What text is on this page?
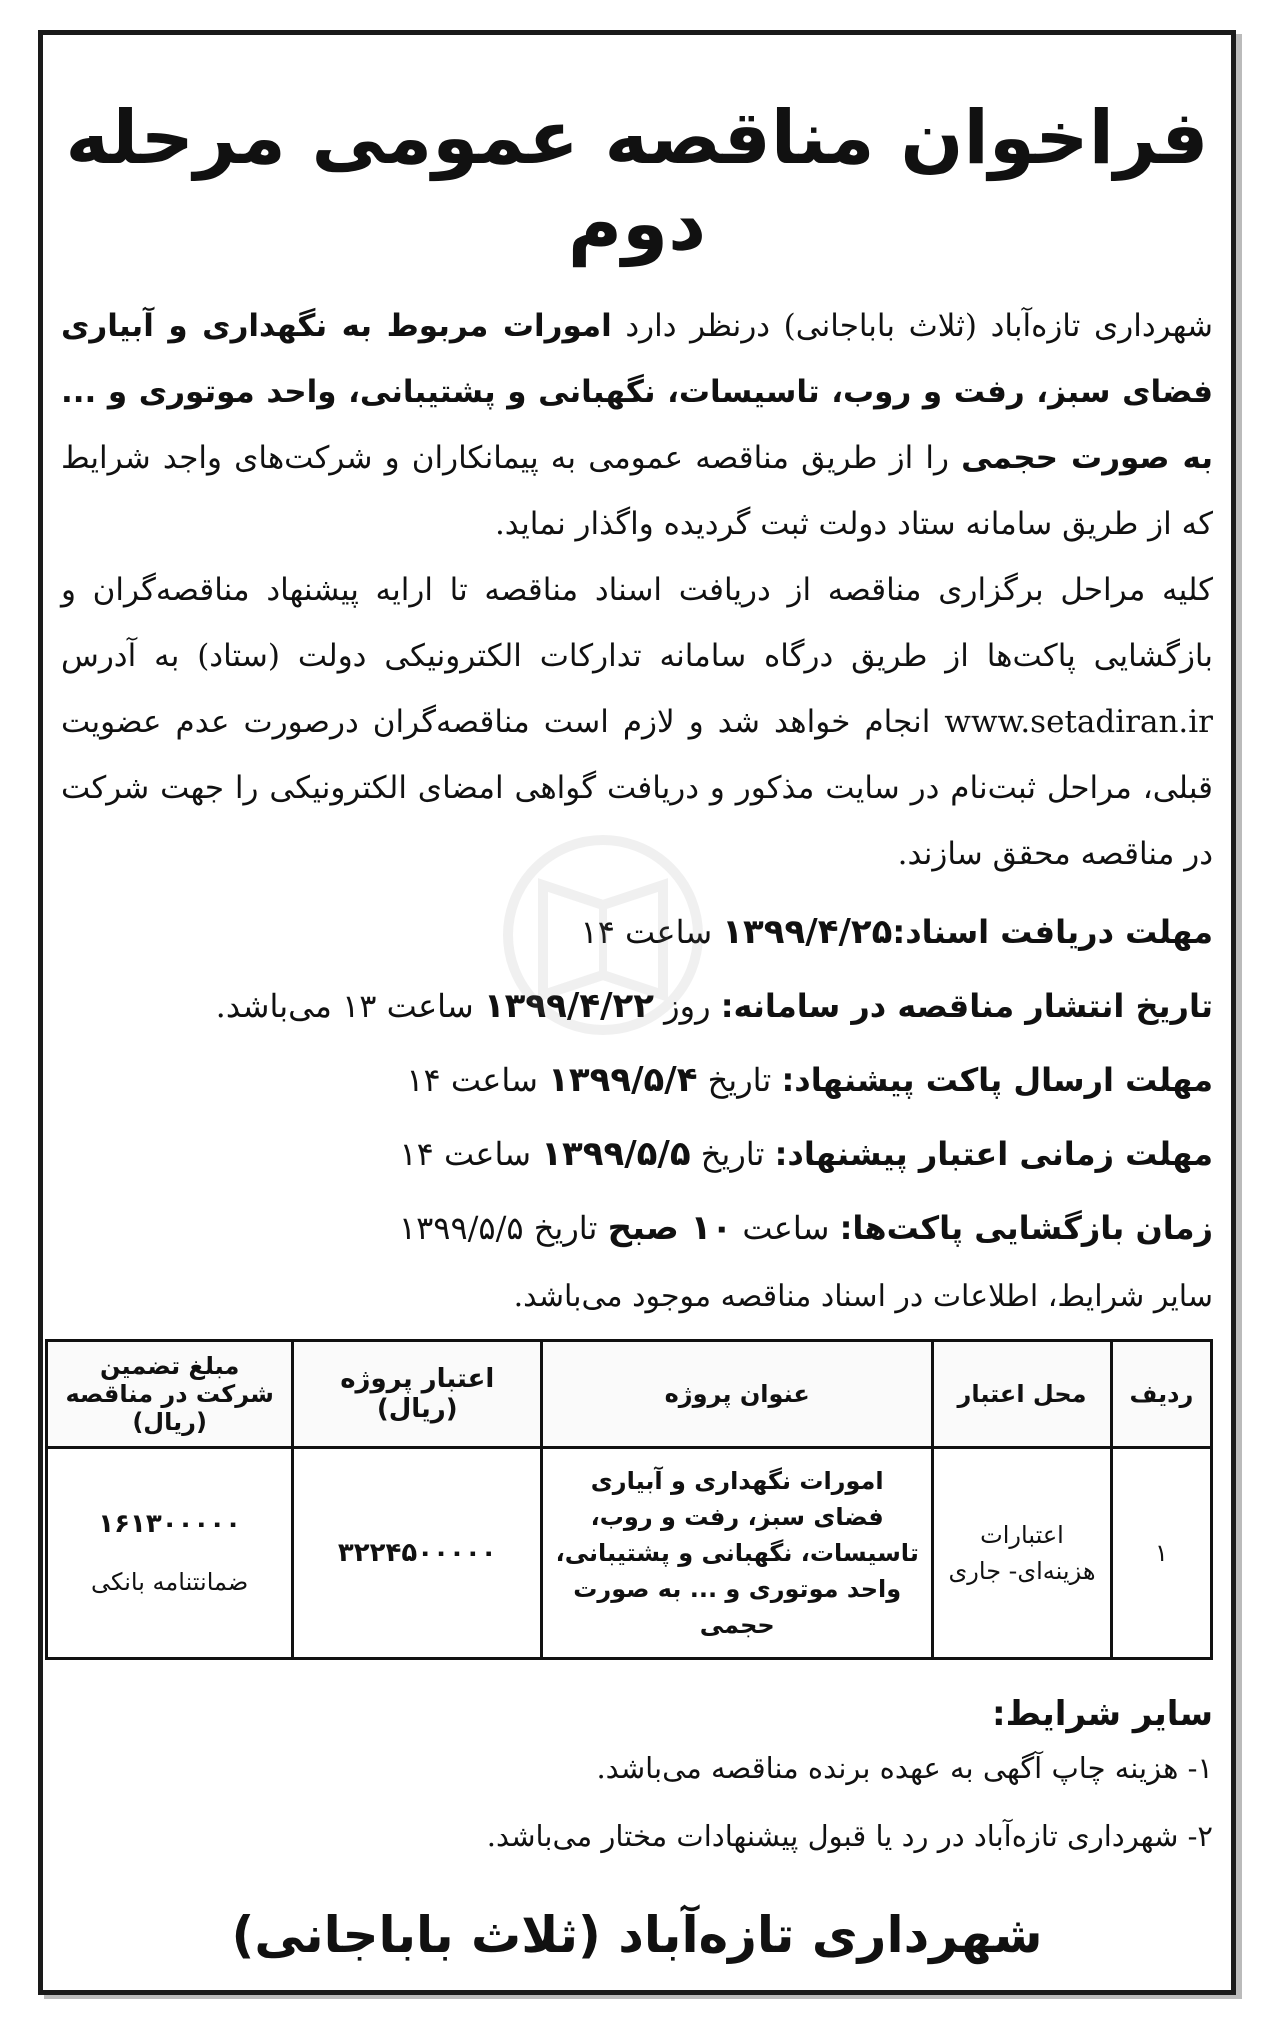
فراخوان مناقصه عمومی مرحله دوم

شهرداری تازه‌آباد (ثلاث باباجانی) درنظر دارد امورات مربوط به نگهداری و آبیاری فضای سبز، رفت و روب، تاسیسات، نگهبانی و پشتیبانی، واحد موتوری و ... به صورت حجمی را از طریق مناقصه عمومی به پیمانکاران و شرکت‌های واجد شرایط که از طریق سامانه ستاد دولت ثبت گردیده واگذار نماید.

کلیه مراحل برگزاری مناقصه از دریافت اسناد مناقصه تا ارایه پیشنهاد مناقصه‌گران و بازگشایی پاکت‌ها از طریق درگاه سامانه تدارکات الکترونیکی دولت (ستاد) به آدرس www.setadiran.ir انجام خواهد شد و لازم است مناقصه‌گران درصورت عدم عضویت قبلی، مراحل ثبت‌نام در سایت مذکور و دریافت گواهی امضای الکترونیکی را جهت شرکت در مناقصه محقق سازند.

مهلت دریافت اسناد:۱۳۹۹/۴/۲۵ ساعت ۱۴
تاریخ انتشار مناقصه در سامانه: روز ۱۳۹۹/۴/۲۲ ساعت ۱۳ می‌باشد.
مهلت ارسال پاکت پیشنهاد: تاریخ ۱۳۹۹/۵/۴ ساعت ۱۴
مهلت زمانی اعتبار پیشنهاد: تاریخ ۱۳۹۹/۵/۵ ساعت ۱۴
زمان بازگشایی پاکت‌ها: ساعت ۱۰ صبح تاریخ ۱۳۹۹/۵/۵
سایر شرایط، اطلاعات در اسناد مناقصه موجود می‌باشد.
ردیف	محل اعتبار	عنوان پروژه	اعتبار پروژه (ریال)	مبلغ تضمین شرکت در مناقصه (ریال)
۱	اعتبارات هزینه‌ای- جاری	امورات نگهداری و آبیاری فضای سبز، رفت و روب، تاسیسات، نگهبانی و پشتیبانی، واحد موتوری و ... به صورت حجمی	۳۲۲۴۵۰۰۰۰۰	۱۶۱۳۰۰۰۰۰
ضمانتنامه بانکی
سایر شرایط:
۱- هزینه چاپ آگهی به عهده برنده مناقصه می‌باشد.
۲- شهرداری تازه‌آباد در رد یا قبول پیشنهادات مختار می‌باشد.
شهرداری تازه‌آباد (ثلاث باباجانی)
